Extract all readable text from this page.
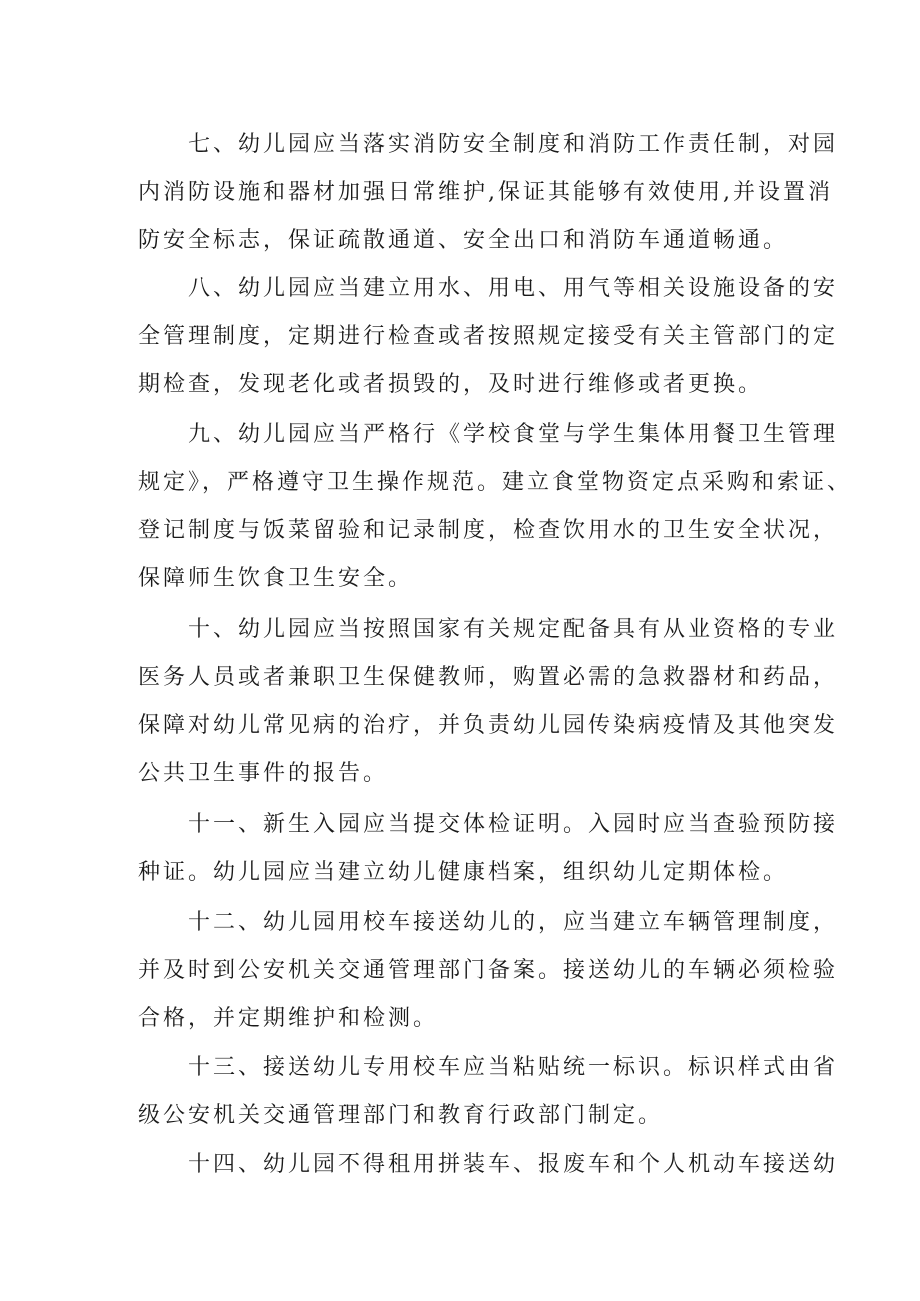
七、幼儿园应当落实消防安全制度和消防工作责任制，对园
内消防设施和器材加强日常维护,保证其能够有效使用,并设置消
防安全标志，保证疏散通道、安全出口和消防车通道畅通。
八、幼儿园应当建立用水、用电、用气等相关设施设备的安
全管理制度，定期进行检查或者按照规定接受有关主管部门的定
期检查，发现老化或者损毁的，及时进行维修或者更换。
九、幼儿园应当严格行《学校食堂与学生集体用餐卫生管理
规定》，严格遵守卫生操作规范。建立食堂物资定点采购和索证、
登记制度与饭菜留验和记录制度，检查饮用水的卫生安全状况，
保障师生饮食卫生安全。
十、幼儿园应当按照国家有关规定配备具有从业资格的专业
医务人员或者兼职卫生保健教师，购置必需的急救器材和药品，
保障对幼儿常见病的治疗，并负责幼儿园传染病疫情及其他突发
公共卫生事件的报告。
十一、新生入园应当提交体检证明。入园时应当查验预防接
种证。幼儿园应当建立幼儿健康档案，组织幼儿定期体检。
十二、幼儿园用校车接送幼儿的，应当建立车辆管理制度，
并及时到公安机关交通管理部门备案。接送幼儿的车辆必须检验
合格，并定期维护和检测。
十三、接送幼儿专用校车应当粘贴统一标识。标识样式由省
级公安机关交通管理部门和教育行政部门制定。
十四、幼儿园不得租用拼装车、报废车和个人机动车接送幼
